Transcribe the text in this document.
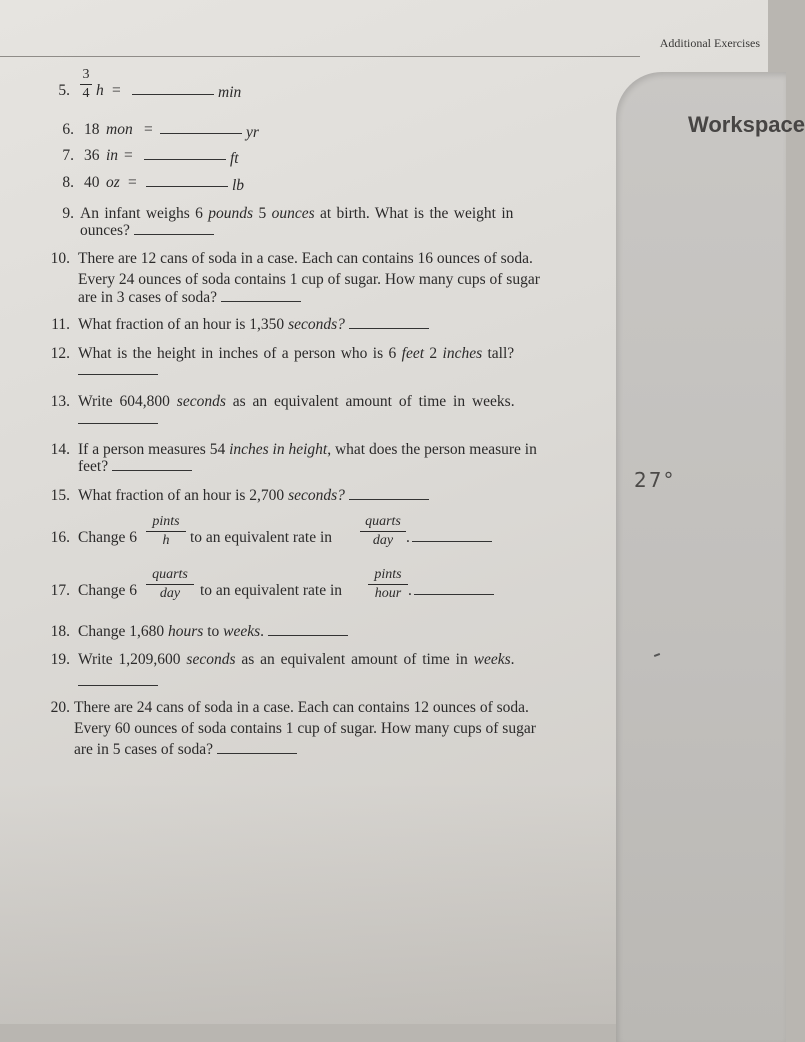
Additional Exercises
Workspace
27°
5.
3
4 h =	min
6. 18 mon =	yr
7. 36 in =	ft
8. 40 oz =	lb
9. An infant weighs 6 pounds 5 ounces at birth. What is the weight in
ounces?
10. There are 12 cans of soda in a case. Each can contains 16 ounces of soda.
Every 24 ounces of soda contains 1 cup of sugar. How many cups of sugar
are in 3 cases of soda?
11. What fraction of an hour is 1,350 seconds?
12. What is the height in inches of a person who is 6 feet 2 inches tall?
13. Write 604,800 seconds as an equivalent amount of time in weeks.
14. If a person measures 54 inches in height, what does the person measure in
feet?
15. What fraction of an hour is 2,700 seconds?
16. Change 6
pints
h	to an equivalent rate in
quarts
day .
17. Change 6
quarts
day	to an equivalent rate in
pints
hour .
18. Change 1,680 hours to weeks.
19. Write 1,209,600 seconds as an equivalent amount of time in weeks.
20. There are 24 cans of soda in a case. Each can contains 12 ounces of soda.
Every 60 ounces of soda contains 1 cup of sugar. How many cups of sugar
are in 5 cases of soda?
